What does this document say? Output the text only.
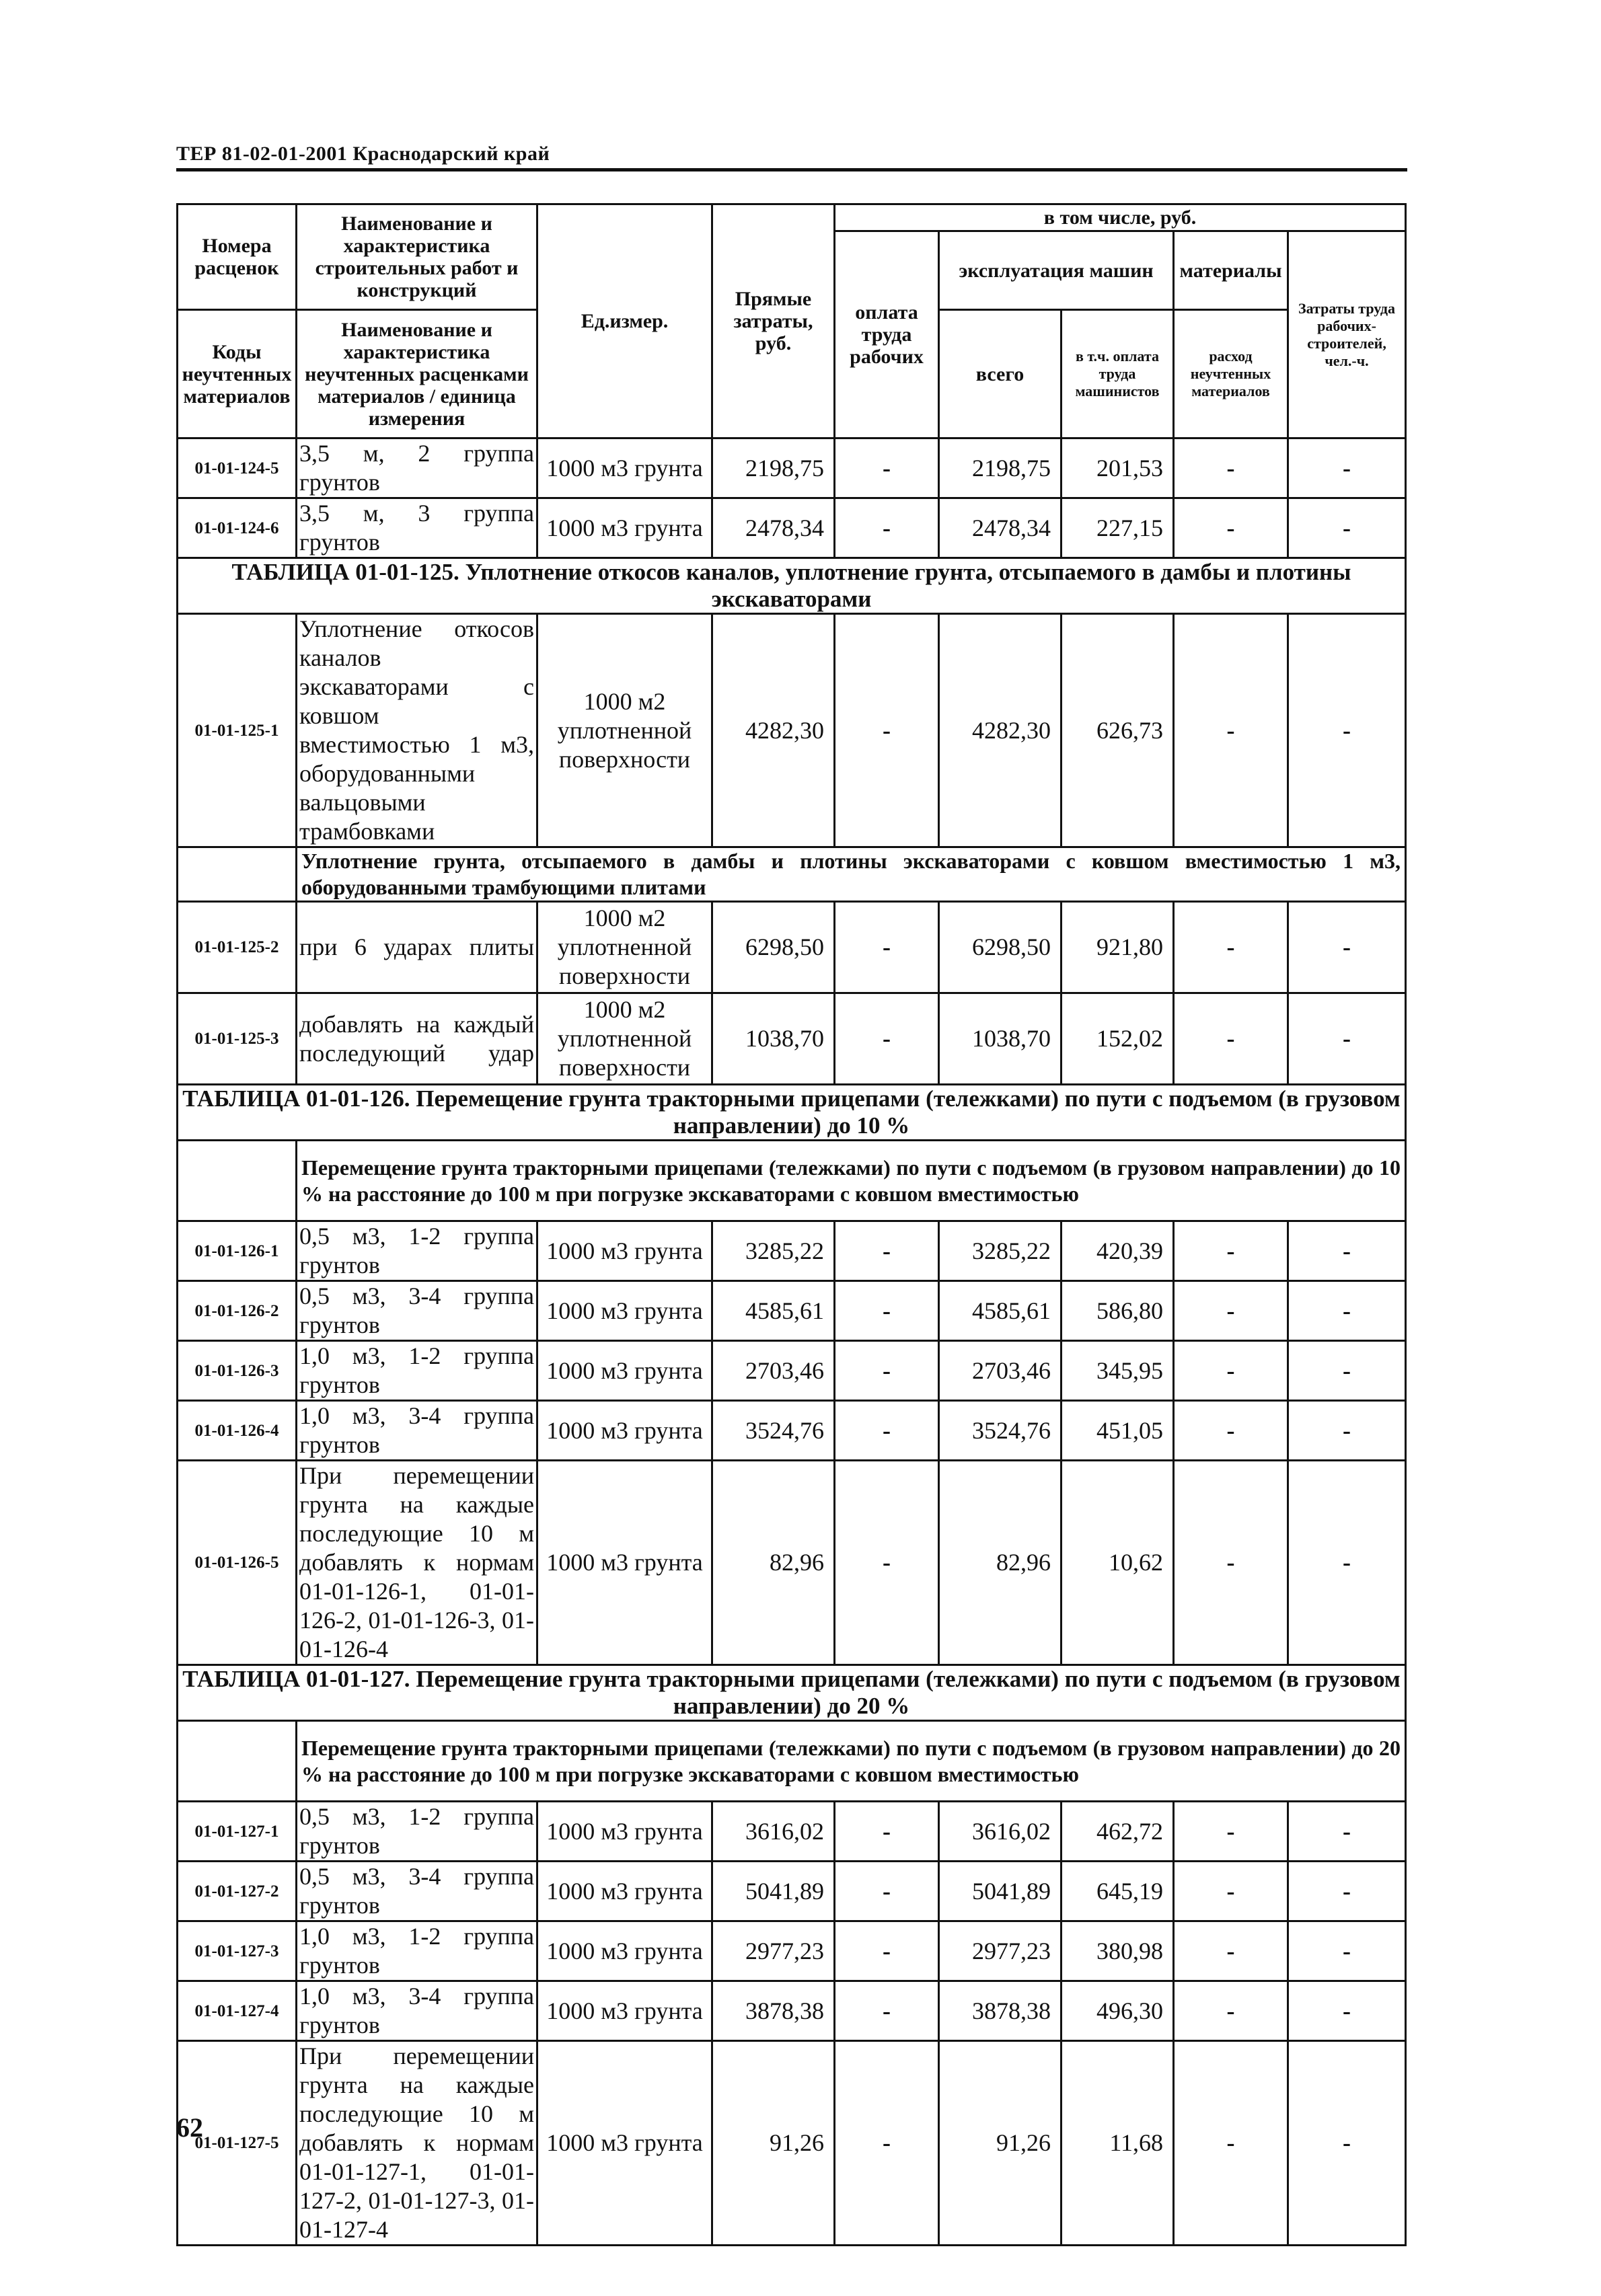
ТЕР 81-02-01-2001 Краснодарский край
Номера расценок	Наименование и характеристика строительных работ и конструкций	Ед.измер.	Прямые затраты, руб.	в том числе, руб.				
				оплата труда рабочих	эксплуатация машин		материалы	Затраты труда рабочих-строителей, чел.-ч.
Коды неучтенных материалов	Наименование и характеристика неучтенных расценками материалов / единица измерения				всего	в т.ч. оплата труда машинистов	расход неучтенных материалов	

01-01-124-5	3,5 м, 2 группа грунтов	1000 м3 грунта	2198,75	-	2198,75	201,53	-	-
01-01-124-6	3,5 м, 3 группа грунтов	1000 м3 грунта	2478,34	-	2478,34	227,15	-	-
ТАБЛИЦА 01-01-125. Уплотнение откосов каналов, уплотнение грунта, отсыпаемого в дамбы и плотины экскаваторами								
01-01-125-1	Уплотнение откосов каналов экскаваторами с ковшом вместимостью 1 м3, оборудованными вальцовыми трамбовками	1000 м2 уплотненной поверхности	4282,30	-	4282,30	626,73	-	-
	Уплотнение грунта, отсыпаемого в дамбы и плотины экскаваторами с ковшом вместимостью 1 м3, оборудованными трамбующими плитами							
01-01-125-2	при 6 ударах плиты	1000 м2 уплотненной поверхности	6298,50	-	6298,50	921,80	-	-
01-01-125-3	добавлять на каждый последующий удар	1000 м2 уплотненной поверхности	1038,70	-	1038,70	152,02	-	-
ТАБЛИЦА 01-01-126. Перемещение грунта тракторными прицепами (тележками) по пути с подъемом (в грузовом направлении) до 10 %								
	Перемещение грунта тракторными прицепами (тележками) по пути с подъемом (в грузовом направлении) до 10 % на расстояние до 100 м при погрузке экскаваторами с ковшом вместимостью							
01-01-126-1	0,5 м3, 1-2 группа грунтов	1000 м3 грунта	3285,22	-	3285,22	420,39	-	-
01-01-126-2	0,5 м3, 3-4 группа грунтов	1000 м3 грунта	4585,61	-	4585,61	586,80	-	-
01-01-126-3	1,0 м3, 1-2 группа грунтов	1000 м3 грунта	2703,46	-	2703,46	345,95	-	-
01-01-126-4	1,0 м3, 3-4 группа грунтов	1000 м3 грунта	3524,76	-	3524,76	451,05	-	-
01-01-126-5	При перемещении грунта на каждые последующие 10 м добавлять к нормам 01-01-126-1, 01-01-126-2, 01-01-126-3, 01-01-126-4	1000 м3 грунта	82,96	-	82,96	10,62	-	-
ТАБЛИЦА 01-01-127. Перемещение грунта тракторными прицепами (тележками) по пути с подъемом (в грузовом направлении) до 20 %								
	Перемещение грунта тракторными прицепами (тележками) по пути с подъемом (в грузовом направлении) до 20 % на расстояние до 100 м при погрузке экскаваторами с ковшом вместимостью							
01-01-127-1	0,5 м3, 1-2 группа грунтов	1000 м3 грунта	3616,02	-	3616,02	462,72	-	-
01-01-127-2	0,5 м3, 3-4 группа грунтов	1000 м3 грунта	5041,89	-	5041,89	645,19	-	-
01-01-127-3	1,0 м3, 1-2 группа грунтов	1000 м3 грунта	2977,23	-	2977,23	380,98	-	-
01-01-127-4	1,0 м3, 3-4 группа грунтов	1000 м3 грунта	3878,38	-	3878,38	496,30	-	-
01-01-127-5	При перемещении грунта на каждые последующие 10 м добавлять к нормам 01-01-127-1, 01-01-127-2, 01-01-127-3, 01-01-127-4	1000 м3 грунта	91,26	-	91,26	11,68	-	-
62
